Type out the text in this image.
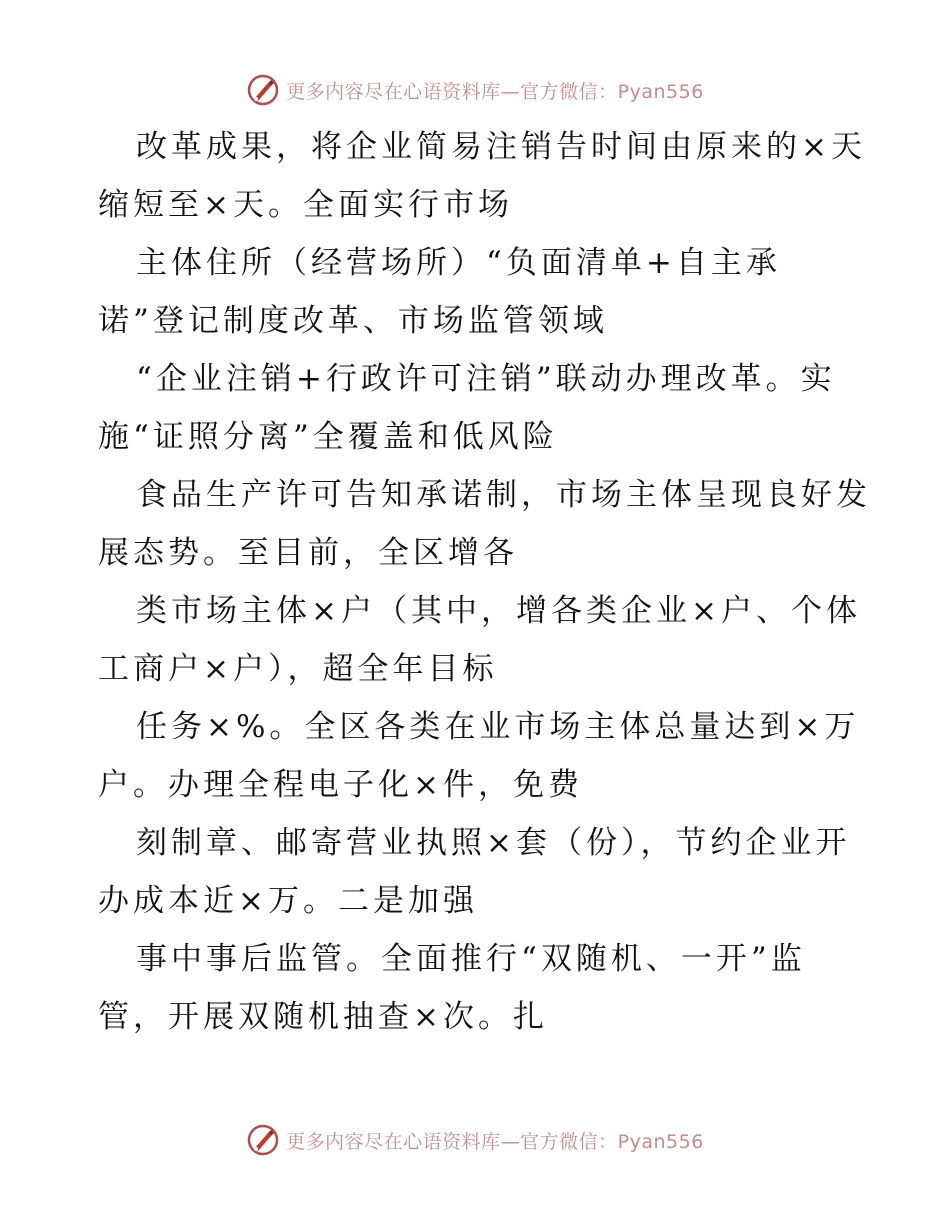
更多内容尽在心语资料库—官方微信：Pyan556
改革成果，将企业简易注销告时间由原来的×天
缩短至×天。全面实行市场
主体住所（经营场所）“负面清单+自主承
诺”登记制度改革、市场监管领域
“企业注销+行政许可注销”联动办理改革。实
施“证照分离”全覆盖和低风险
食品生产许可告知承诺制，市场主体呈现良好发
展态势。至目前，全区增各
类市场主体×户（其中，增各类企业×户、个体
工商户×户），超全年目标
任务×%。全区各类在业市场主体总量达到×万
户。办理全程电子化×件，免费
刻制章、邮寄营业执照×套（份），节约企业开
办成本近×万。二是加强
事中事后监管。全面推行“双随机、一开”监
管，开展双随机抽查×次。扎
更多内容尽在心语资料库—官方微信：Pyan556
